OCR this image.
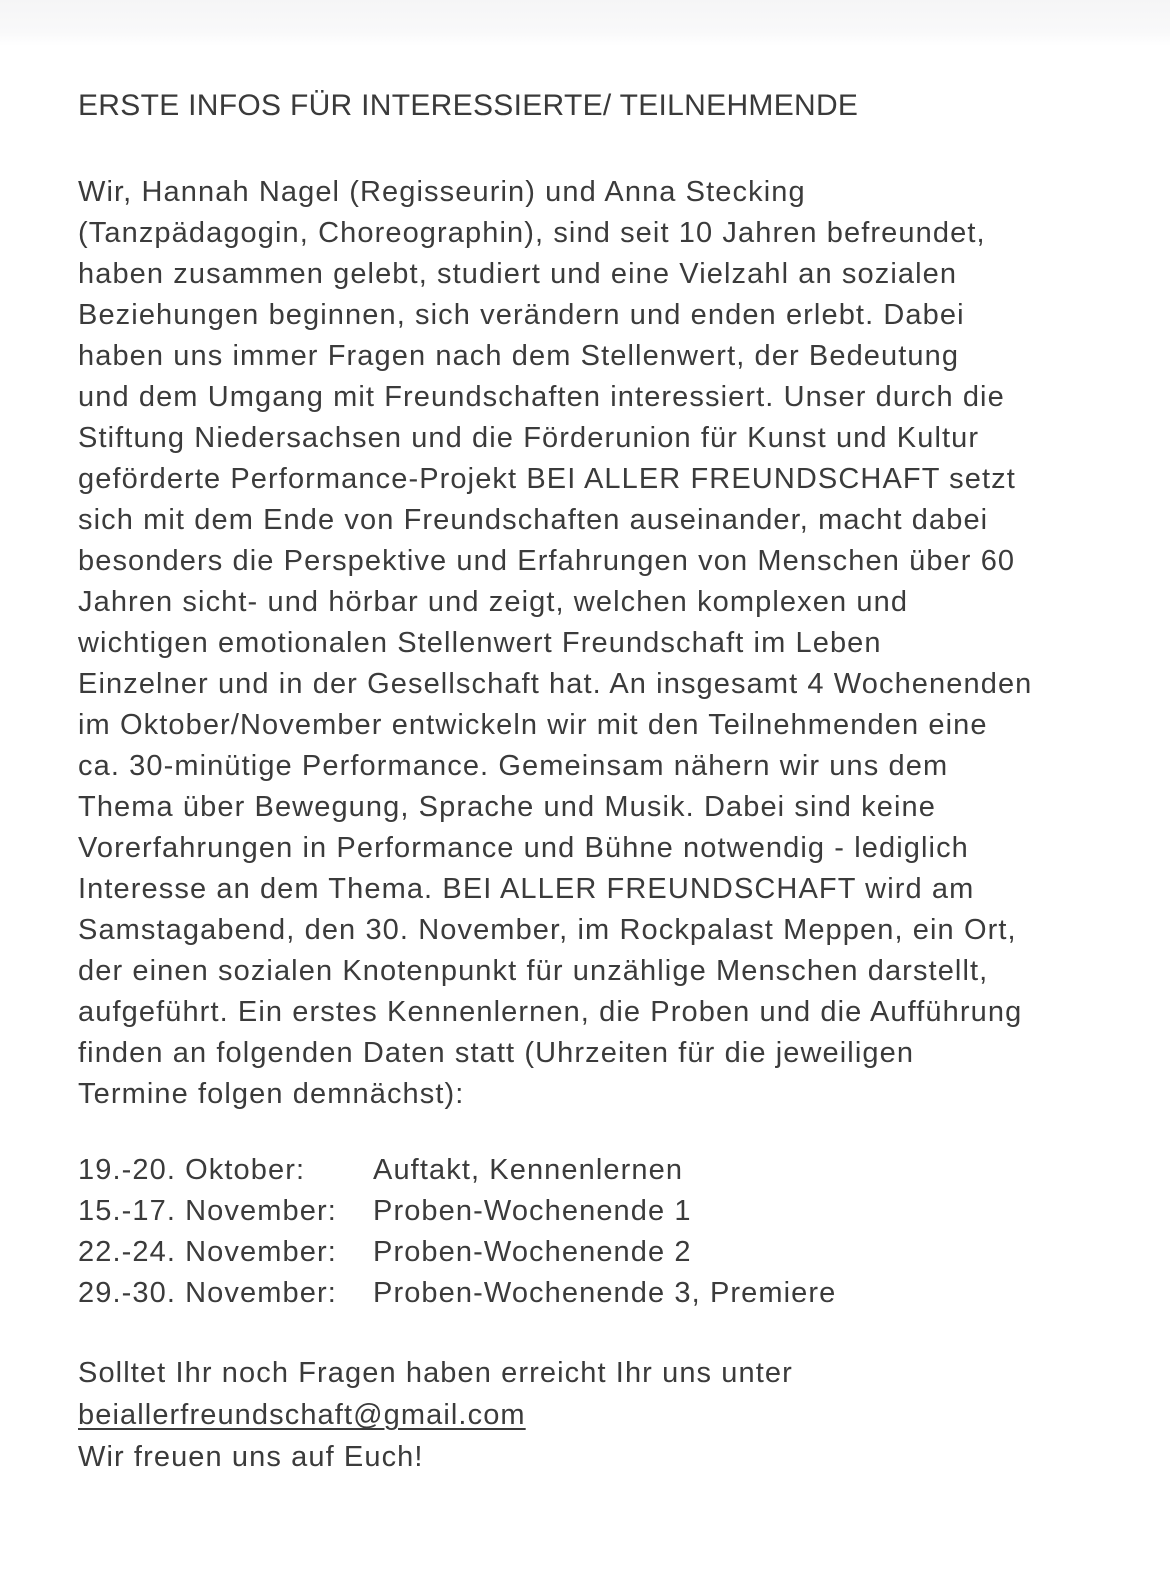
ERSTE INFOS FÜR INTERESSIERTE/ TEILNEHMENDE
Wir, Hannah Nagel (Regisseurin) und Anna Stecking
(Tanzpädagogin, Choreographin), sind seit 10 Jahren befreundet,
haben zusammen gelebt, studiert und eine Vielzahl an sozialen
Beziehungen beginnen, sich verändern und enden erlebt. Dabei
haben uns immer Fragen nach dem Stellenwert, der Bedeutung
und dem Umgang mit Freundschaften interessiert. Unser durch die
Stiftung Niedersachsen und die Förderunion für Kunst und Kultur
geförderte Performance-Projekt BEI ALLER FREUNDSCHAFT setzt
sich mit dem Ende von Freundschaften auseinander, macht dabei
besonders die Perspektive und Erfahrungen von Menschen über 60
Jahren sicht- und hörbar und zeigt, welchen komplexen und
wichtigen emotionalen Stellenwert Freundschaft im Leben
Einzelner und in der Gesellschaft hat. An insgesamt 4 Wochenenden
im Oktober/November entwickeln wir mit den Teilnehmenden eine
ca. 30-minütige Performance. Gemeinsam nähern wir uns dem
Thema über Bewegung, Sprache und Musik. Dabei sind keine
Vorerfahrungen in Performance und Bühne notwendig - lediglich
Interesse an dem Thema. BEI ALLER FREUNDSCHAFT wird am
Samstagabend, den 30. November, im Rockpalast Meppen, ein Ort,
der einen sozialen Knotenpunkt für unzählige Menschen darstellt,
aufgeführt. Ein erstes Kennenlernen, die Proben und die Aufführung
finden an folgenden Daten statt (Uhrzeiten für die jeweiligen
Termine folgen demnächst):
19.-20. Oktober:	Auftakt, Kennenlernen
15.-17. November:	Proben-Wochenende 1
22.-24. November:	Proben-Wochenende 2
29.-30. November:	Proben-Wochenende 3, Premiere
Solltet Ihr noch Fragen haben erreicht Ihr uns unter
beiallerfreundschaft@gmail.com
Wir freuen uns auf Euch!
